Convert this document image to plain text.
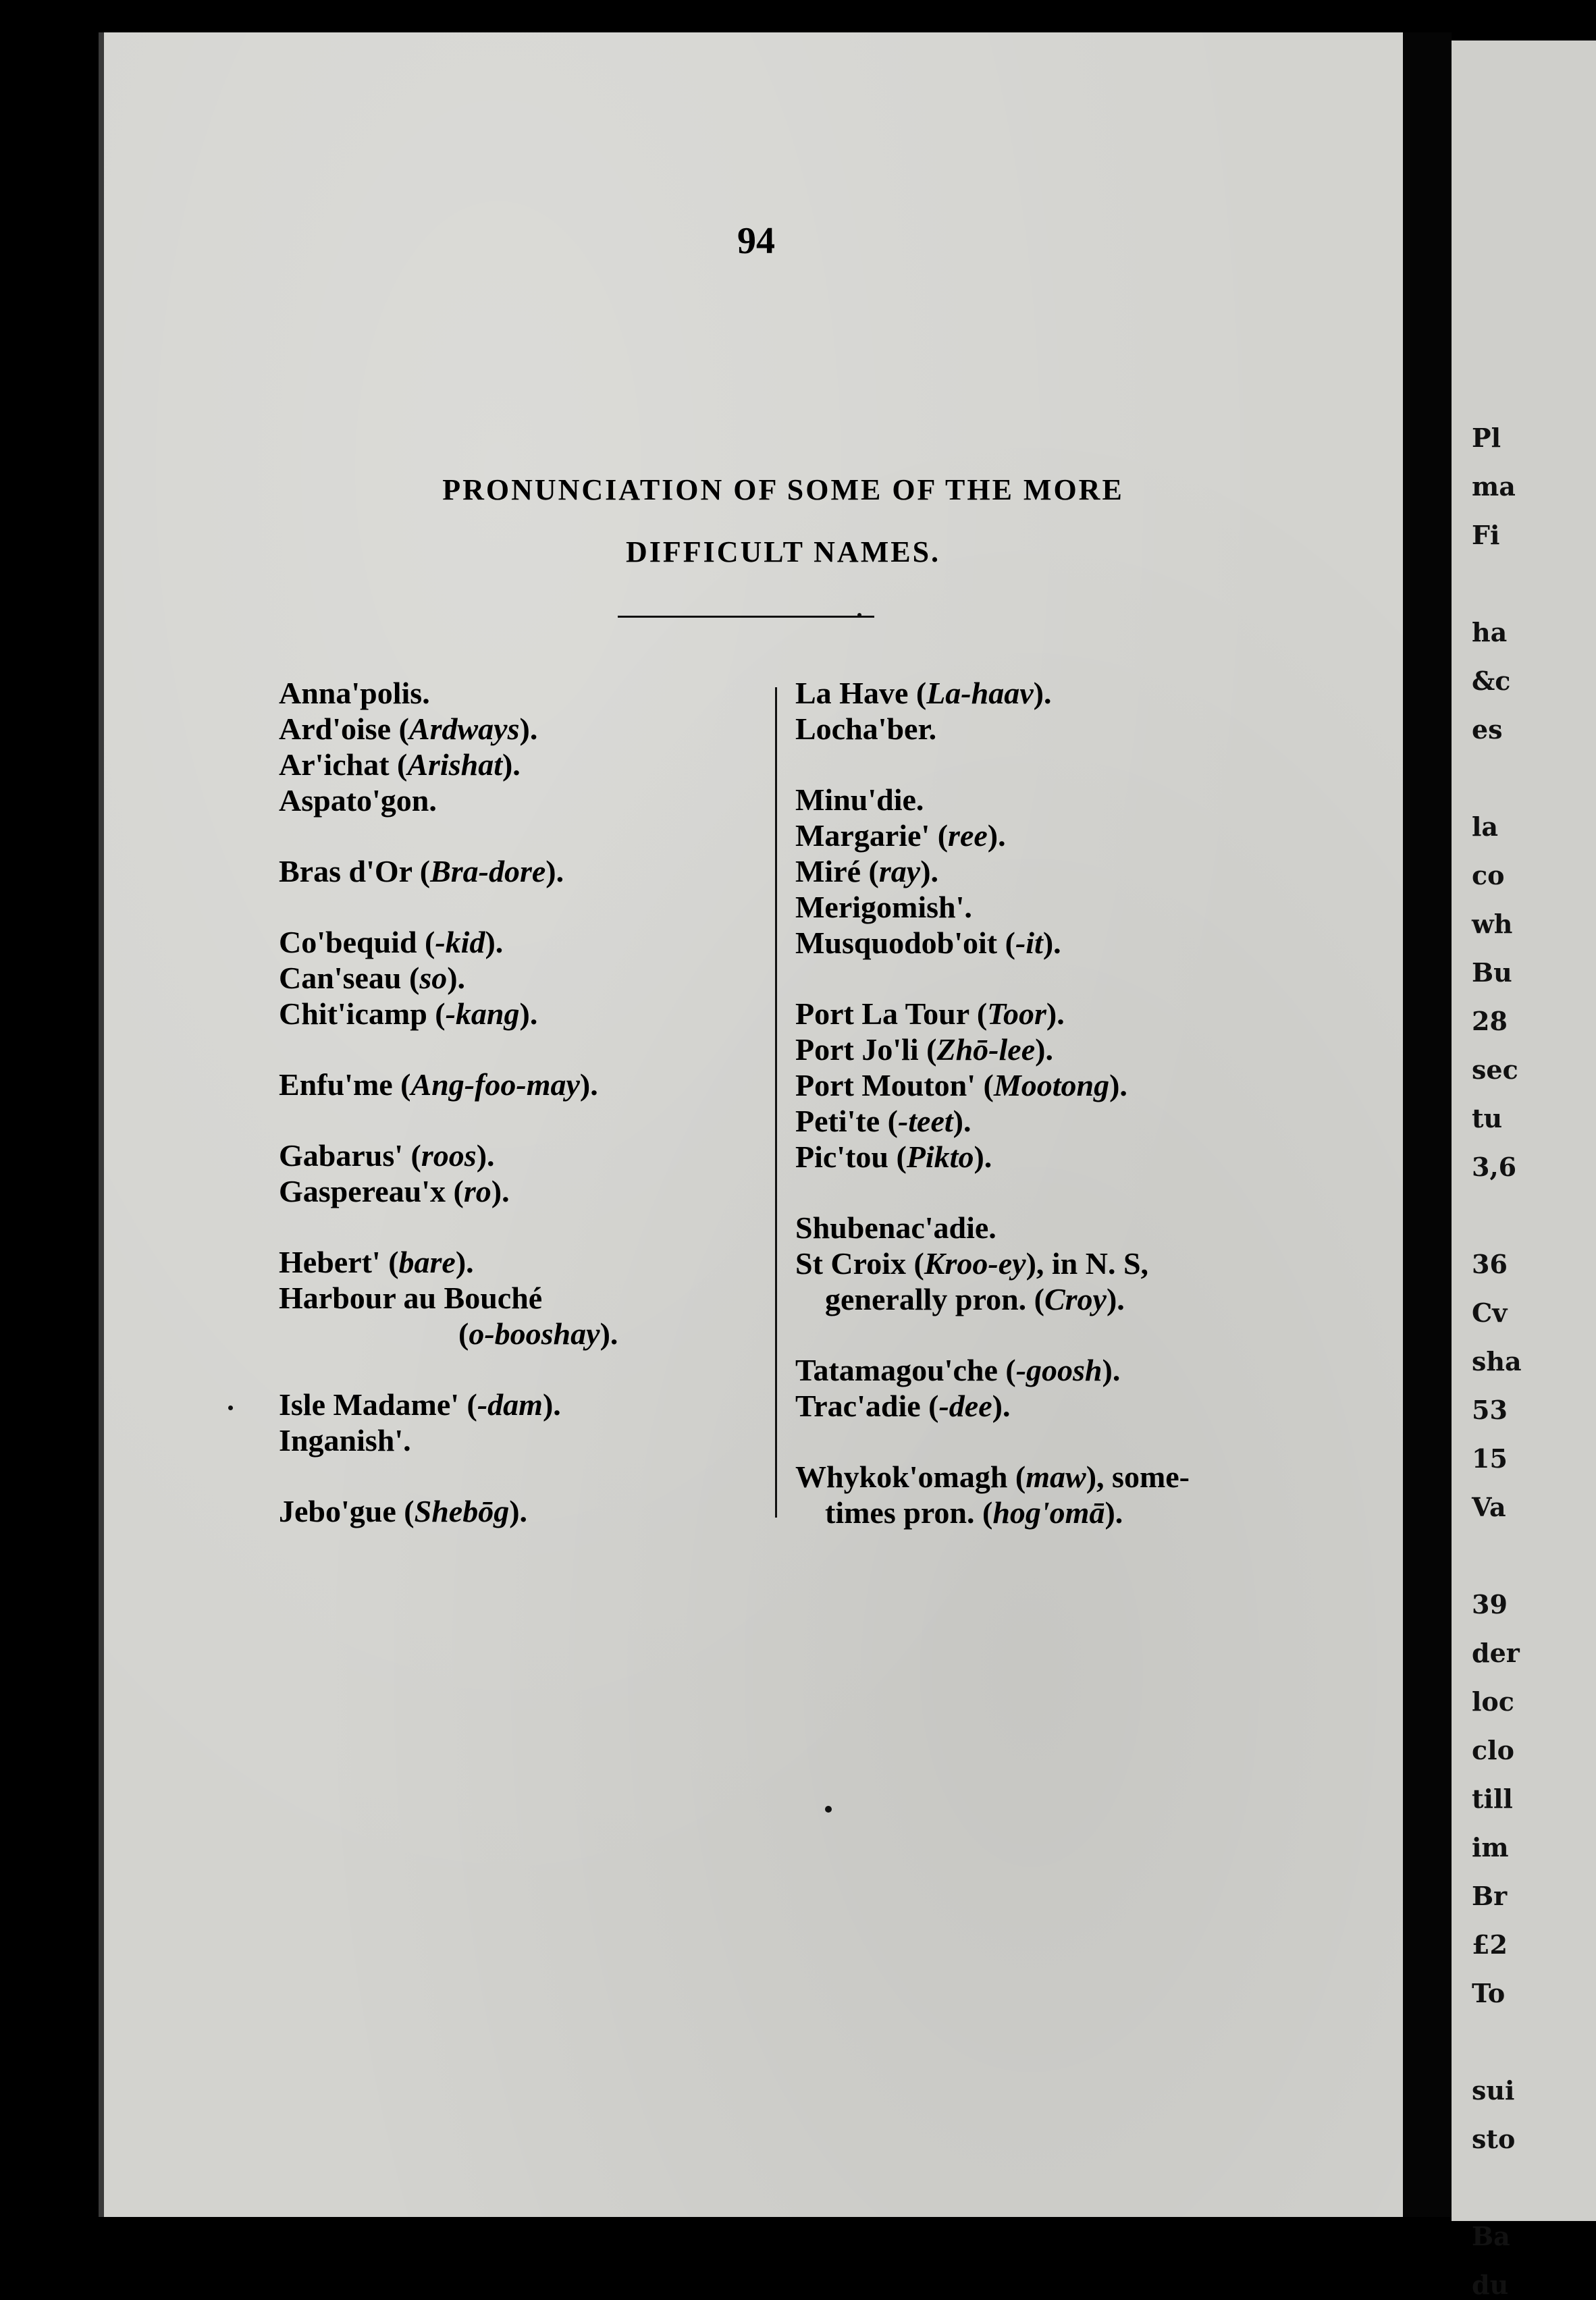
Pl
ma
Fi
ha
&c
es
la
co
wh
Bu
28
sec
tu
3,6
36
Cv
sha
53
15
Va
39
der
loc
clo
till
im
Br
£2
To
sui
sto
Ba
du
94
PRONUNCIATION OF SOME OF THE MORE
DIFFICULT NAMES.
Anna'polis.
Ard'oise (Ardways).
Ar'ichat (Arishat).
Aspato'gon.
Bras d'Or (Bra-dore).
Co'bequid (-kid).
Can'seau (so).
Chit'icamp (-kang).
Enfu'me (Ang-foo-may).
Gabarus' (roos).
Gaspereau'x (ro).
Hebert' (bare).
Harbour au Bouché
(o-booshay).
Isle Madame' (-dam).
Inganish'.
Jebo'gue (Shebōg).
La Have (La-haav).
Locha'ber.
Minu'die.
Margarie' (ree).
Miré (ray).
Merigomish'.
Musquodob'oit (-it).
Port La Tour (Toor).
Port Jo'li (Zhō-lee).
Port Mouton' (Mootong).
Peti'te (-teet).
Pic'tou (Pikto).
Shubenac'adie.
St Croix (Kroo-ey), in N. S,
generally pron. (Croy).
Tatamagou'che (-goosh).
Trac'adie (-dee).
Whykok'omagh (maw), some-
times pron. (hog'omā).
